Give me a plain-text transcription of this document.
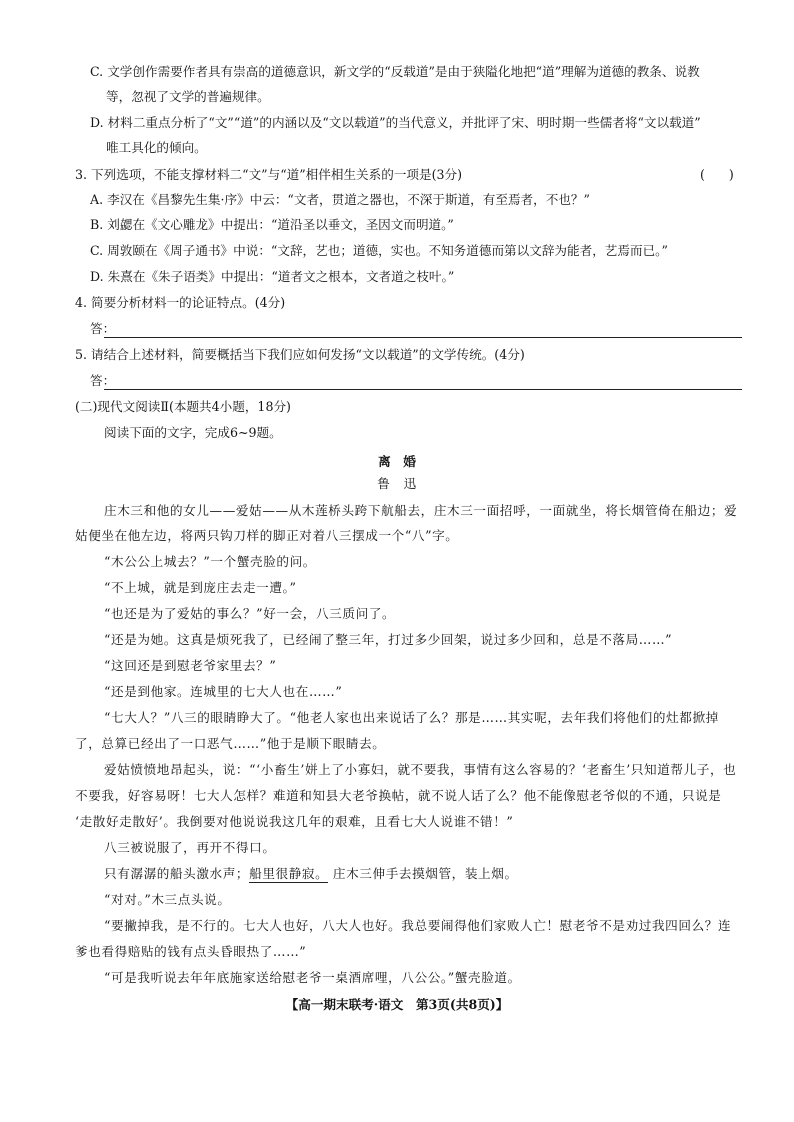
C. 文学创作需要作者具有崇高的道德意识，新文学的“反载道”是由于狭隘化地把“道”理解为道德的教条、说教
等，忽视了文学的普遍规律。
D. 材料二重点分析了“文”“道”的内涵以及“文以载道”的当代意义，并批评了宋、明时期一些儒者将“文以载道”
唯工具化的倾向。
3. 下列选项，不能支撑材料二“文”与“道”相伴相生关系的一项是(3分)	(      )
A. 李汉在《昌黎先生集·序》中云：“文者，贯道之器也，不深于斯道，有至焉者，不也？”
B. 刘勰在《文心雕龙》中提出：“道沿圣以垂文，圣因文而明道。”
C. 周敦颐在《周子通书》中说：“文辞，艺也；道德，实也。不知务道德而第以文辞为能者，艺焉而已。”
D. 朱熹在《朱子语类》中提出：“道者文之根本，文者道之枝叶。”
4. 简要分析材料一的论证特点。(4分)
答：
5. 请结合上述材料，简要概括当下我们应如何发扬“文以载道”的文学传统。(4分)
答：
(二)现代文阅读Ⅱ(本题共4小题，18分)
阅读下面的文字，完成6~9题。
离　婚
鲁　迅
庄木三和他的女儿——爱姑——从木莲桥头跨下航船去，庄木三一面招呼，一面就坐，将长烟管倚在船边；爱
姑便坐在他左边，将两只钩刀样的脚正对着八三摆成一个“八”字。
“木公公上城去？”一个蟹壳脸的问。
“不上城，就是到庞庄去走一遭。”
“也还是为了爱姑的事么？”好一会，八三质问了。
“还是为她。这真是烦死我了，已经闹了整三年，打过多少回架，说过多少回和，总是不落局……”
“这回还是到慰老爷家里去？”
“还是到他家。连城里的七大人也在……”
“七大人？”八三的眼睛睁大了。“他老人家也出来说话了么？那是……其实呢，去年我们将他们的灶都掀掉
了，总算已经出了一口恶气……”他于是顺下眼睛去。
爱姑愤愤地昂起头，说：“‘小畜生’姘上了小寡妇，就不要我，事情有这么容易的？‘老畜生’只知道帮儿子，也
不要我，好容易呀！七大人怎样？难道和知县大老爷换帖，就不说人话了么？他不能像慰老爷似的不通，只说是
‘走散好走散好’。我倒要对他说说我这几年的艰难，且看七大人说谁不错！”
八三被说服了，再开不得口。
只有潺潺的船头激水声；船里很静寂。 庄木三伸手去摸烟管，装上烟。
“对对。”木三点头说。
“要撇掉我，是不行的。七大人也好，八大人也好。我总要闹得他们家败人亡！慰老爷不是劝过我四回么？连
爹也看得赔贴的钱有点头昏眼热了……”
“可是我听说去年年底施家送给慰老爷一桌酒席哩，八公公。”蟹壳脸道。
【高一期末联考·语文　第3页(共8页)】
